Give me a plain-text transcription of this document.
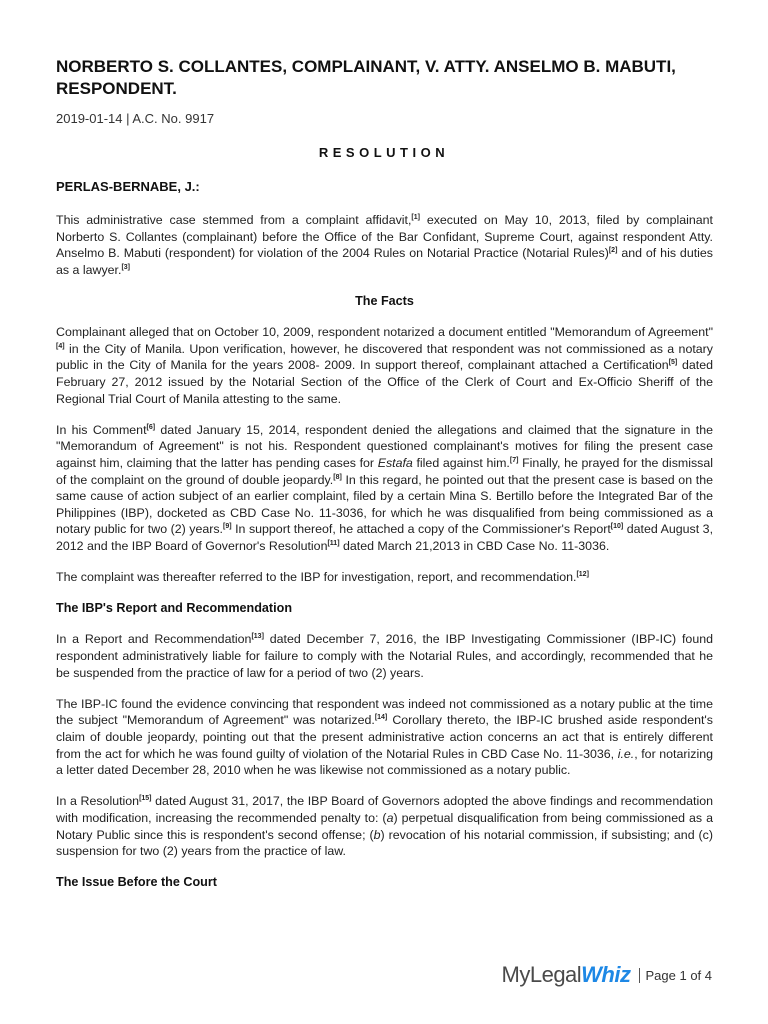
NORBERTO S. COLLANTES, COMPLAINANT, V. ATTY. ANSELMO B. MABUTI, RESPONDENT.
2019-01-14 | A.C. No. 9917
RESOLUTION
PERLAS-BERNABE, J.:

This administrative case stemmed from a complaint affidavit,[1] executed on May 10, 2013, filed by complainant Norberto S. Collantes (complainant) before the Office of the Bar Confidant, Supreme Court, against respondent Atty. Anselmo B. Mabuti (respondent) for violation of the 2004 Rules on Notarial Practice (Notarial Rules)[2] and of his duties as a lawyer.[3]

The Facts

Complainant alleged that on October 10, 2009, respondent notarized a document entitled "Memorandum of Agreement"[4] in the City of Manila. Upon verification, however, he discovered that respondent was not commissioned as a notary public in the City of Manila for the years 2008- 2009. In support thereof, complainant attached a Certification[5] dated February 27, 2012 issued by the Notarial Section of the Office of the Clerk of Court and Ex-Officio Sheriff of the Regional Trial Court of Manila attesting to the same.

In his Comment[6] dated January 15, 2014, respondent denied the allegations and claimed that the signature in the "Memorandum of Agreement" is not his. Respondent questioned complainant's motives for filing the present case against him, claiming that the latter has pending cases for Estafa filed against him.[7] Finally, he prayed for the dismissal of the complaint on the ground of double jeopardy.[8] In this regard, he pointed out that the present case is based on the same cause of action subject of an earlier complaint, filed by a certain Mina S. Bertillo before the Integrated Bar of the Philippines (IBP), docketed as CBD Case No. 11-3036, for which he was disqualified from being commissioned as a notary public for two (2) years.[9] In support thereof, he attached a copy of the Commissioner's Report[10] dated August 3, 2012 and the IBP Board of Governor's Resolution[11] dated March 21,2013 in CBD Case No. 11-3036.

The complaint was thereafter referred to the IBP for investigation, report, and recommendation.[12]

The IBP's Report and Recommendation

In a Report and Recommendation[13] dated December 7, 2016, the IBP Investigating Commissioner (IBP-IC) found respondent administratively liable for failure to comply with the Notarial Rules, and accordingly, recommended that he be suspended from the practice of law for a period of two (2) years.

The IBP-IC found the evidence convincing that respondent was indeed not commissioned as a notary public at the time the subject "Memorandum of Agreement" was notarized.[14] Corollary thereto, the IBP-IC brushed aside respondent's claim of double jeopardy, pointing out that the present administrative action concerns an act that is entirely different from the act for which he was found guilty of violation of the Notarial Rules in CBD Case No. 11-3036, i.e., for notarizing a letter dated December 28, 2010 when he was likewise not commissioned as a notary public.

In a Resolution[15] dated August 31, 2017, the IBP Board of Governors adopted the above findings and recommendation with modification, increasing the recommended penalty to: (a) perpetual disqualification from being commissioned as a Notary Public since this is respondent's second offense; (b) revocation of his notarial commission, if subsisting; and (c) suspension for two (2) years from the practice of law.

The Issue Before the Court
MyLegalWhiz	Page 1 of 4
